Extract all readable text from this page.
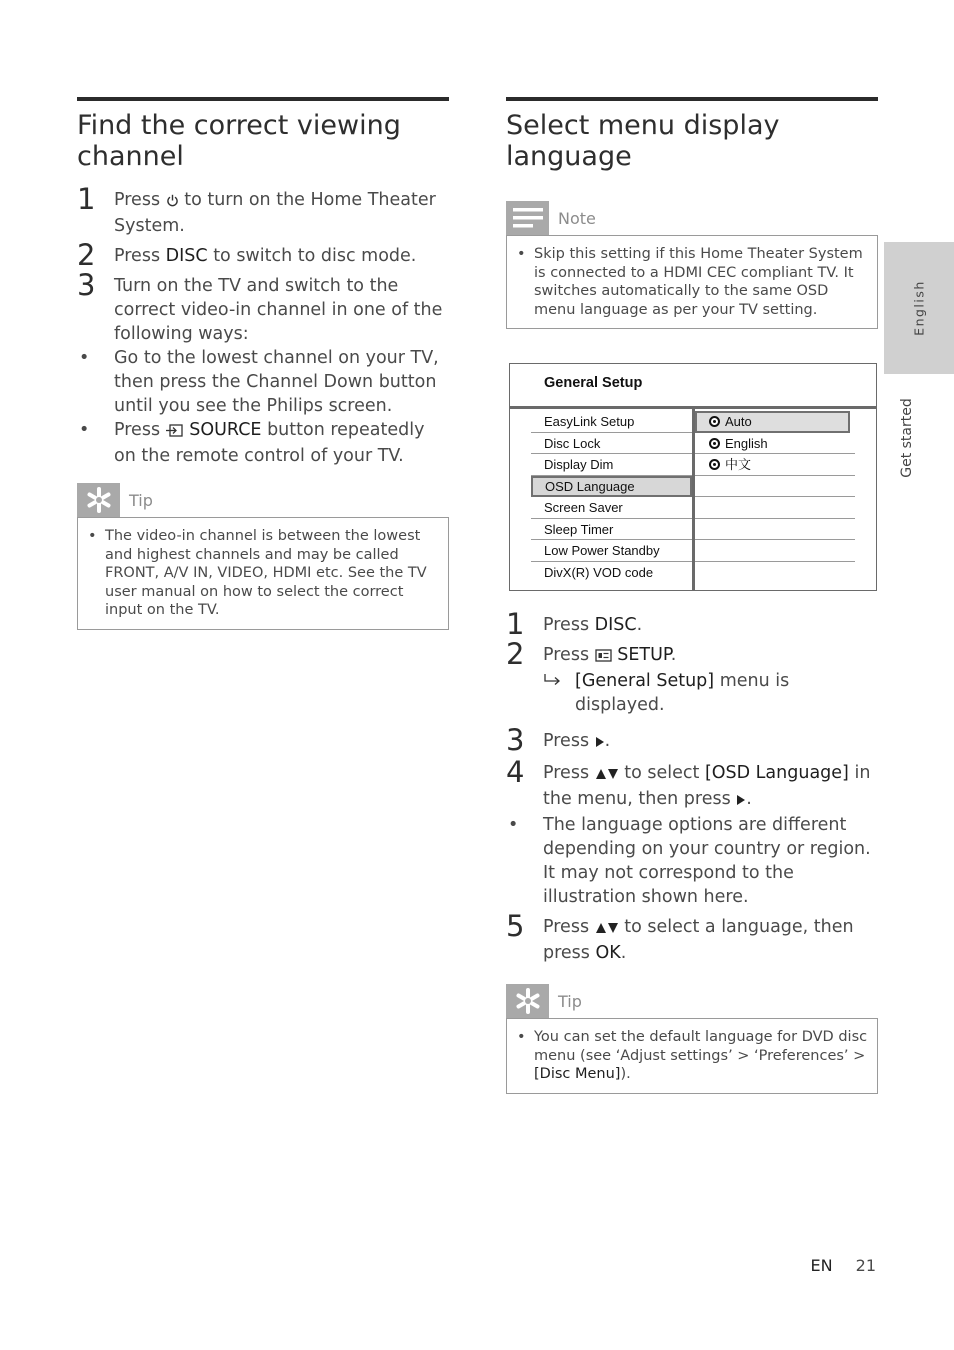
Find the correct viewing channel
1 Press to turn on the Home Theater System.
2 Press DISC to switch to disc mode.
3 Turn on the TV and switch to the correct video-in channel in one of the following ways:
• Go to the lowest channel on your TV, then press the Channel Down button until you see the Philips screen.
• Press SOURCE button repeatedly on the remote control of your TV.
Tip
• The video-in channel is between the lowest and highest channels and may be called FRONT, A/V IN, VIDEO, HDMI etc. See the TV user manual on how to select the correct input on the TV.
Select menu display language
Note
• Skip this setting if this Home Theater System is connected to a HDMI CEC compliant TV. It switches automatically to the same OSD menu language as per your TV setting.
General Setup
EasyLink Setup
Disc Lock
Display Dim
OSD Language
Screen Saver
Sleep Timer
Low Power Standby
DivX(R) VOD code
Auto
English
中文
1 Press DISC.
2 Press SETUP.
[General Setup] menu is displayed.
3 Press .
4 Press to select [OSD Language] in the menu, then press .
• The language options are different depending on your country or region. It may not correspond to the illustration shown here.
5 Press to select a language, then press OK.
Tip
• You can set the default language for DVD disc menu (see ‘Adjust settings’ > ‘Preferences’ > [Disc Menu]).
English
Get started
EN 21
